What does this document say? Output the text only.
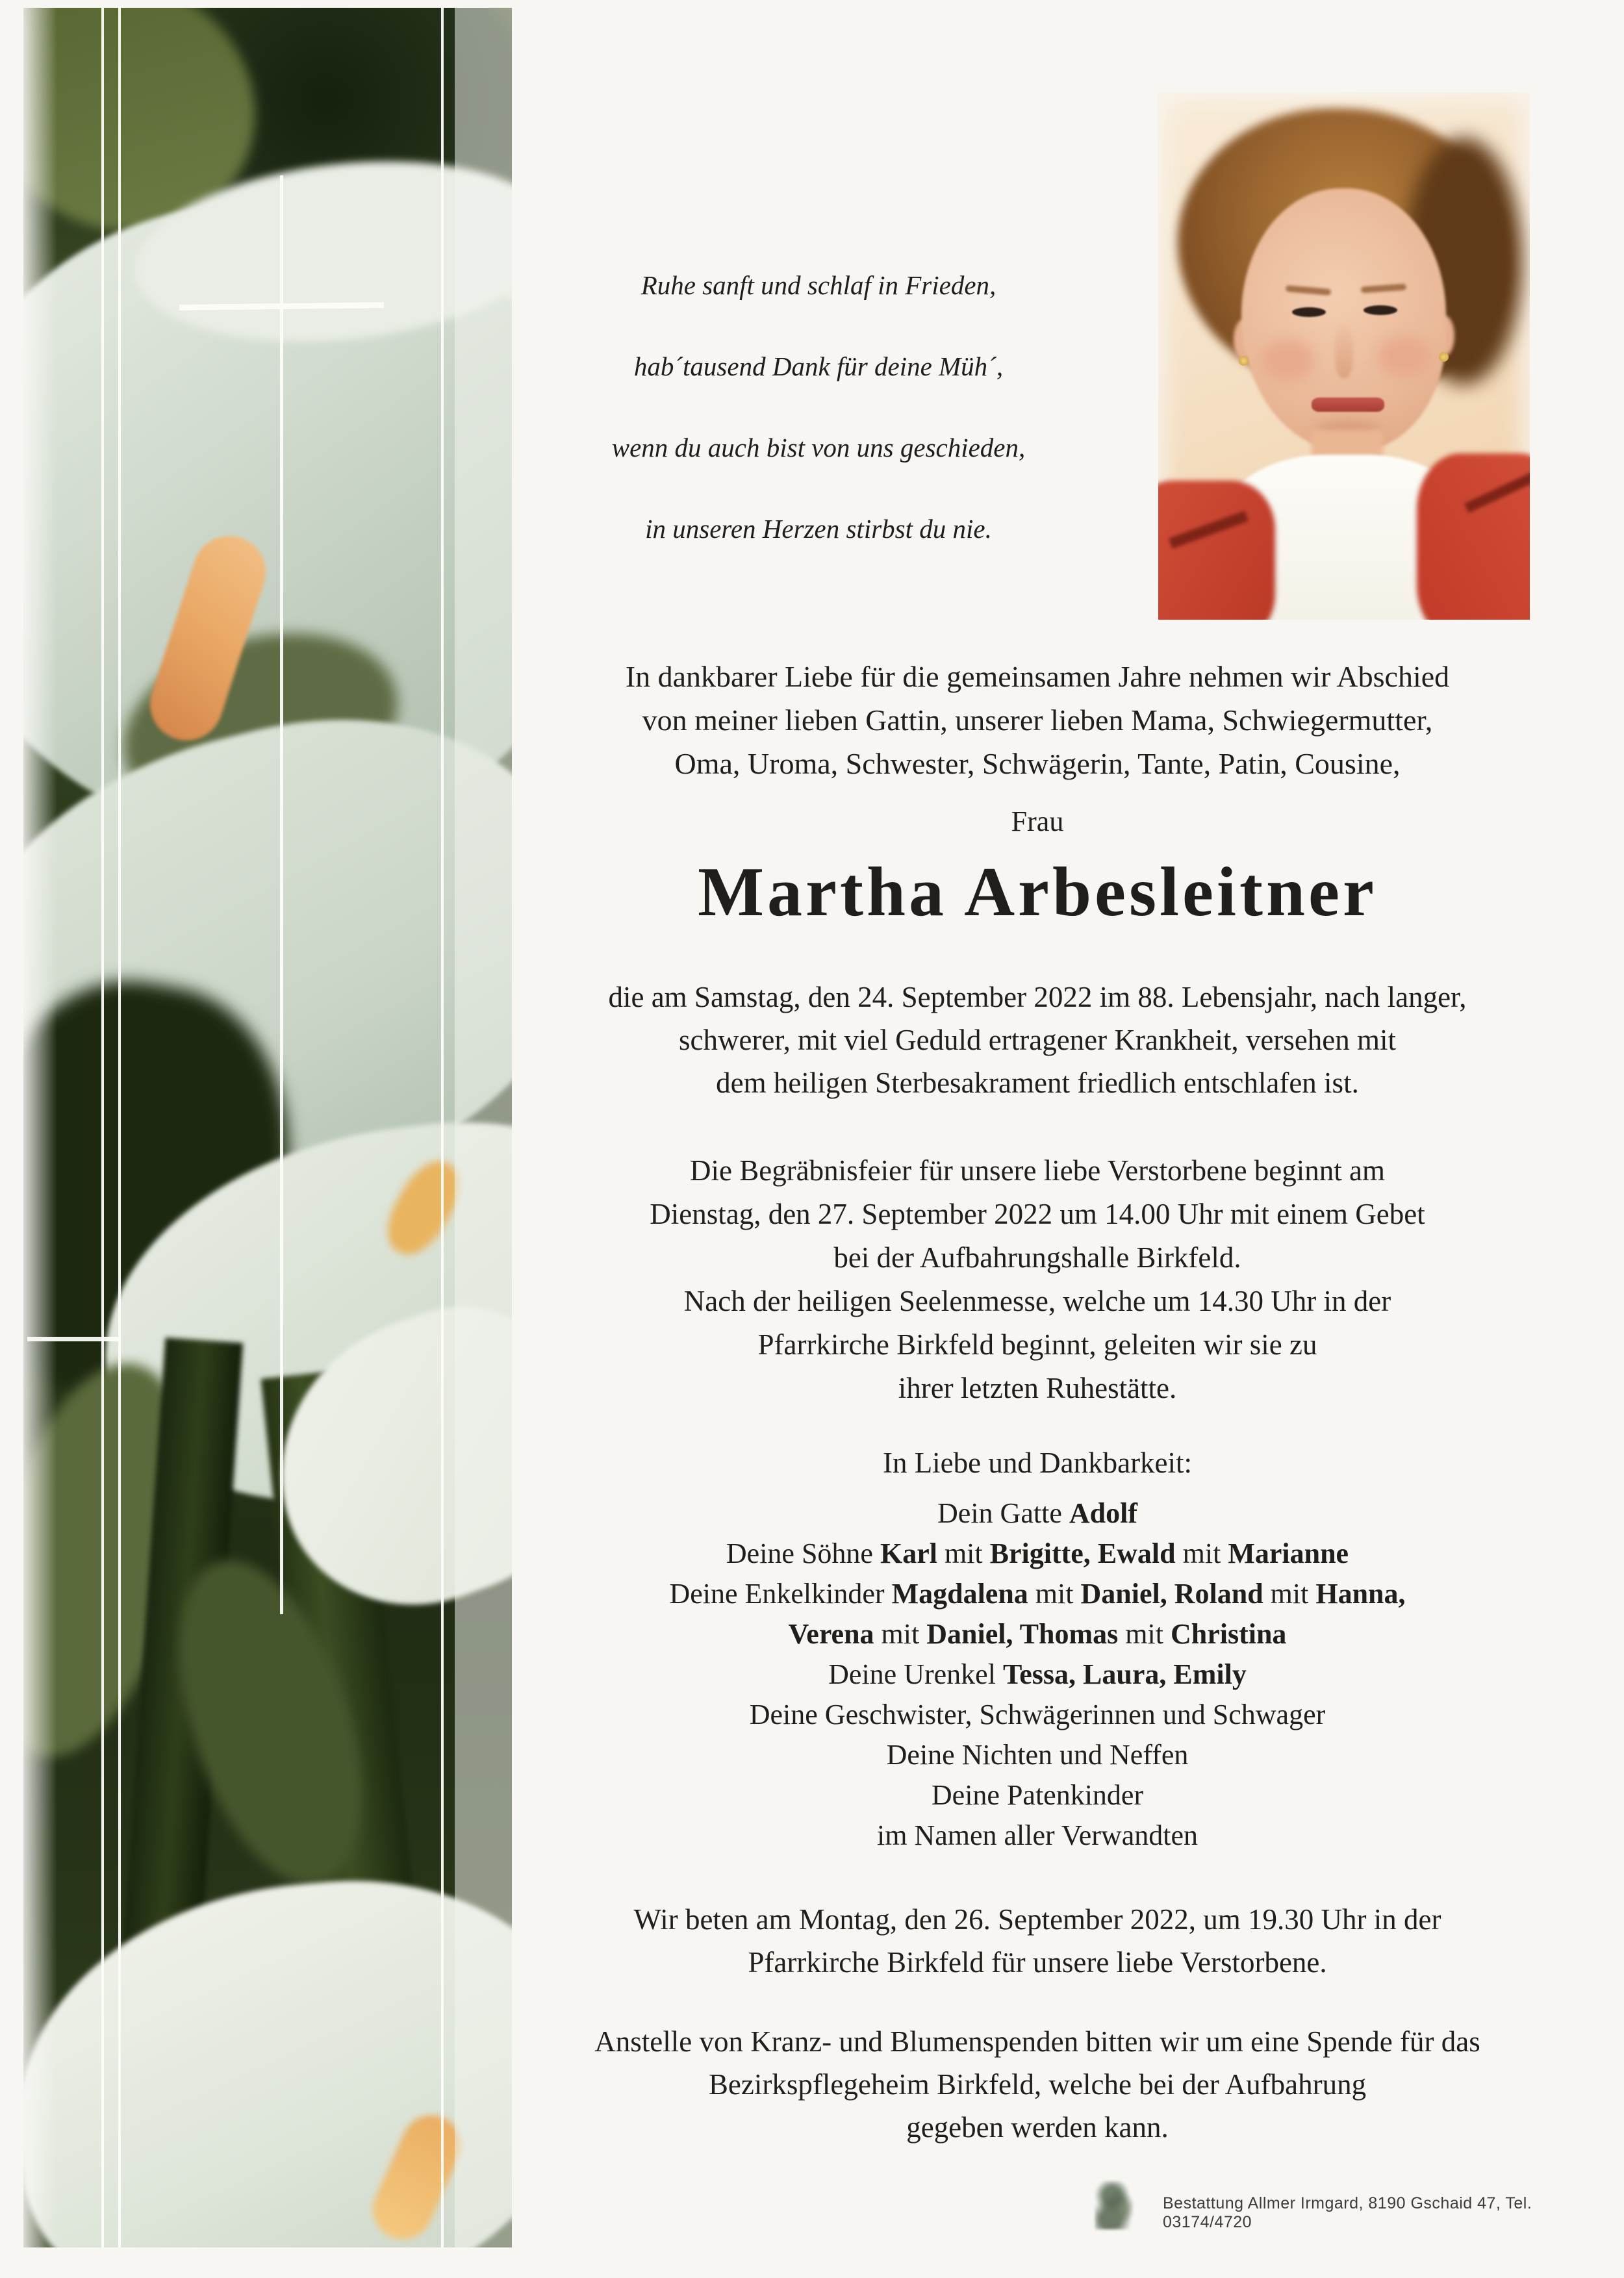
Ruhe sanft und schlaf in Frieden,
hab´tausend Dank für deine Müh´,
wenn du auch bist von uns geschieden,
in unseren Herzen stirbst du nie.
In dankbarer Liebe für die gemeinsamen Jahre nehmen wir Abschied
von meiner lieben Gattin, unserer lieben Mama, Schwiegermutter,
Oma, Uroma, Schwester, Schwägerin, Tante, Patin, Cousine,
Frau
Martha Arbesleitner
die am Samstag, den 24. September 2022 im 88. Lebensjahr, nach langer,
schwerer, mit viel Geduld ertragener Krankheit, versehen mit
dem heiligen Sterbesakrament friedlich entschlafen ist.
Die Begräbnisfeier für unsere liebe Verstorbene beginnt am
Dienstag, den 27. September 2022 um 14.00 Uhr mit einem Gebet
bei der Aufbahrungshalle Birkfeld.
Nach der heiligen Seelenmesse, welche um 14.30 Uhr in der
Pfarrkirche Birkfeld beginnt, geleiten wir sie zu
ihrer letzten Ruhestätte.
In Liebe und Dankbarkeit:
Dein Gatte Adolf
Deine Söhne Karl mit Brigitte, Ewald mit Marianne
Deine Enkelkinder Magdalena mit Daniel, Roland mit Hanna,
Verena mit Daniel, Thomas mit Christina
Deine Urenkel Tessa, Laura, Emily
Deine Geschwister, Schwägerinnen und Schwager
Deine Nichten und Neffen
Deine Patenkinder
im Namen aller Verwandten
Wir beten am Montag, den 26. September 2022, um 19.30 Uhr in der
Pfarrkirche Birkfeld für unsere liebe Verstorbene.
Anstelle von Kranz- und Blumenspenden bitten wir um eine Spende für das
Bezirkspflegeheim Birkfeld, welche bei der Aufbahrung
gegeben werden kann.
Bestattung Allmer Irmgard, 8190 Gschaid 47, Tel. 03174/4720
